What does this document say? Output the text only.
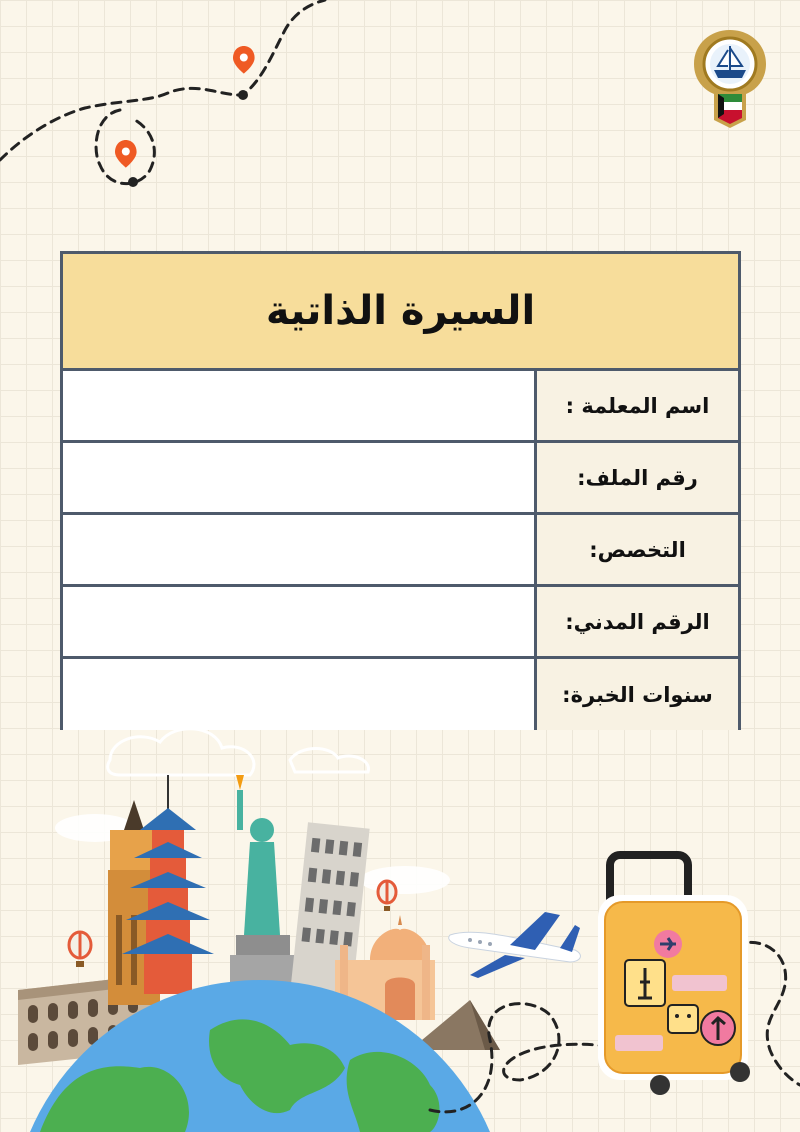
السيرة الذاتية
اسم المعلمة :
رقم الملف:
التخصص:
الرقم المدني:
سنوات الخبرة:
